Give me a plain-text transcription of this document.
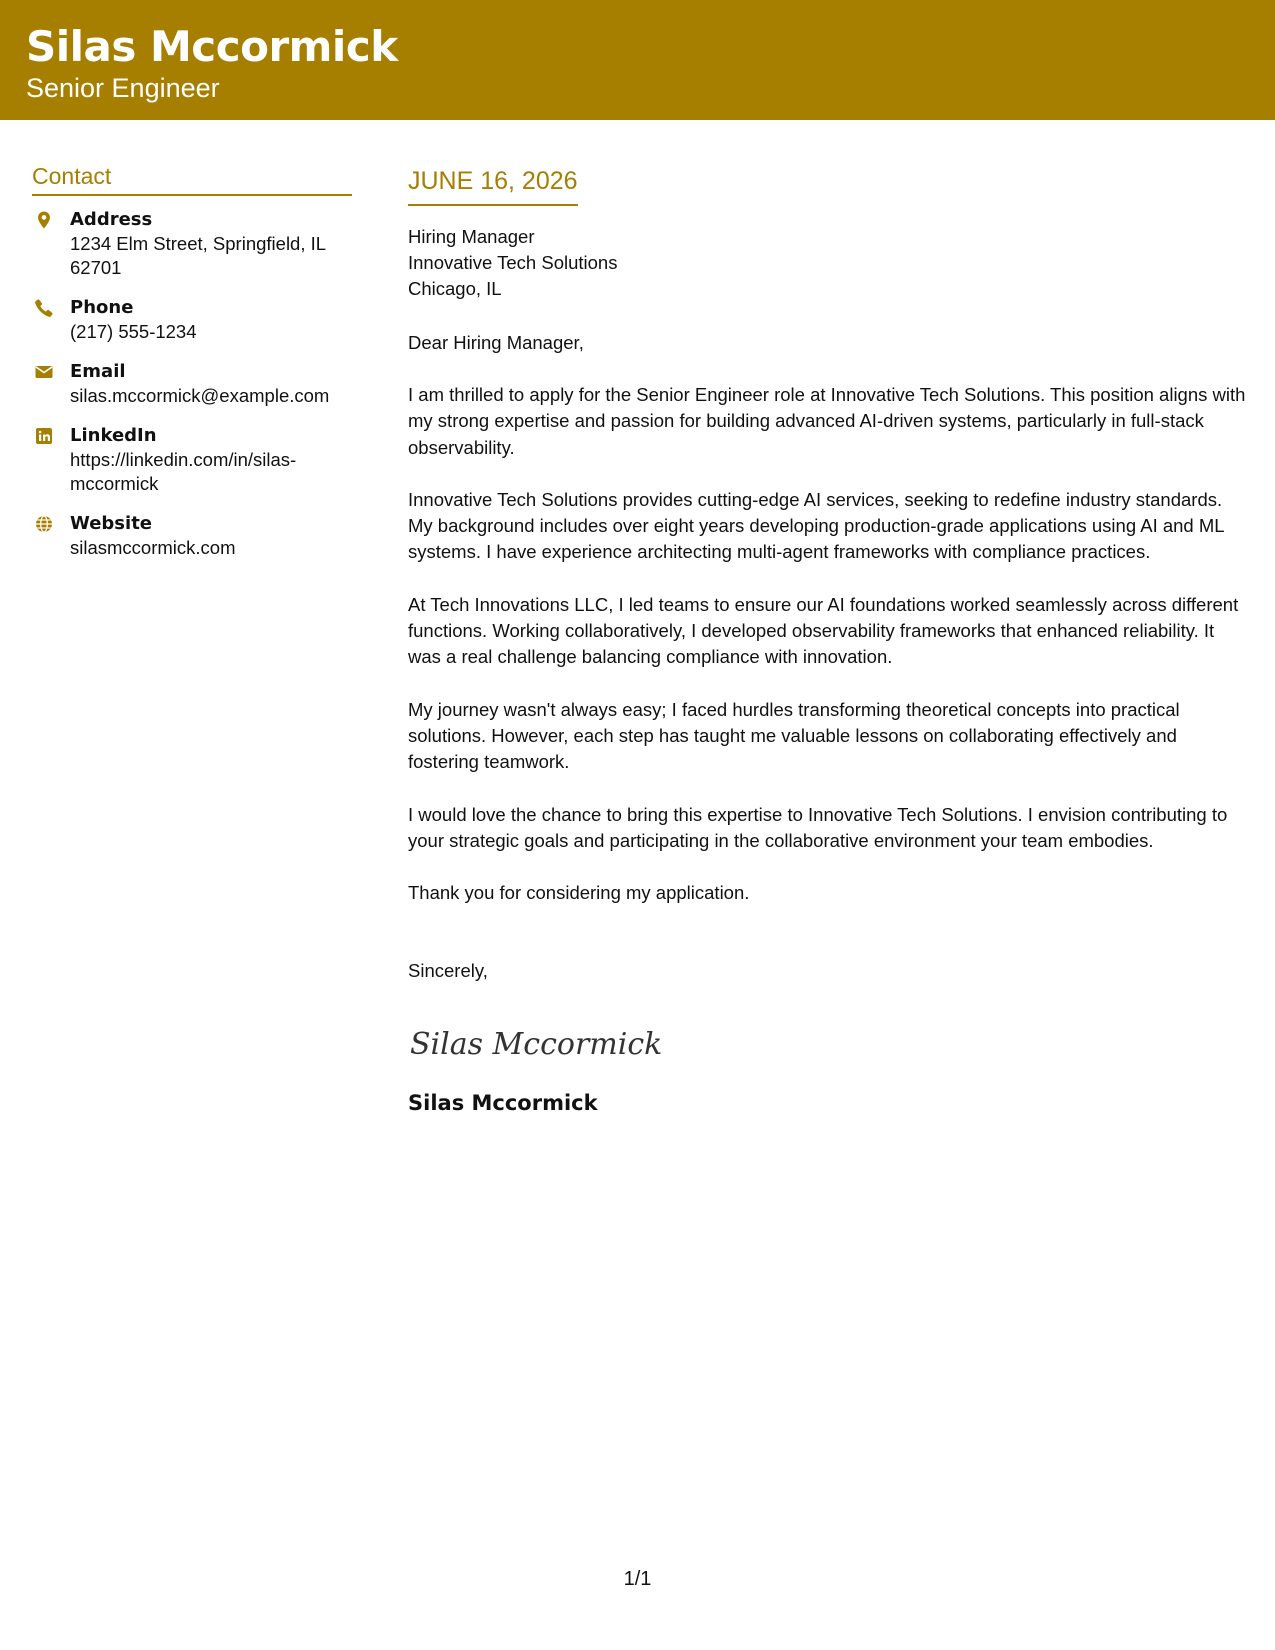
Silas Mccormick
Senior Engineer
Contact
Address
1234 Elm Street, Springfield, IL 62701
Phone
(217) 555-1234
Email
silas.mccormick@example.com
LinkedIn
https://linkedin.com/in/silas-mccormick
Website
silasmccormick.com
JUNE 16, 2026
Hiring Manager
Innovative Tech Solutions
Chicago, IL
Dear Hiring Manager,
I am thrilled to apply for the Senior Engineer role at Innovative Tech Solutions. This position aligns with my strong expertise and passion for building advanced AI-driven systems, particularly in full-stack observability.
Innovative Tech Solutions provides cutting-edge AI services, seeking to redefine industry standards. My background includes over eight years developing production-grade applications using AI and ML systems. I have experience architecting multi-agent frameworks with compliance practices.
At Tech Innovations LLC, I led teams to ensure our AI foundations worked seamlessly across different functions. Working collaboratively, I developed observability frameworks that enhanced reliability. It was a real challenge balancing compliance with innovation.
My journey wasn't always easy; I faced hurdles transforming theoretical concepts into practical solutions. However, each step has taught me valuable lessons on collaborating effectively and fostering teamwork.
I would love the chance to bring this expertise to Innovative Tech Solutions. I envision contributing to your strategic goals and participating in the collaborative environment your team embodies.
Thank you for considering my application.
Sincerely,
Silas Mccormick
Silas Mccormick
1/1
